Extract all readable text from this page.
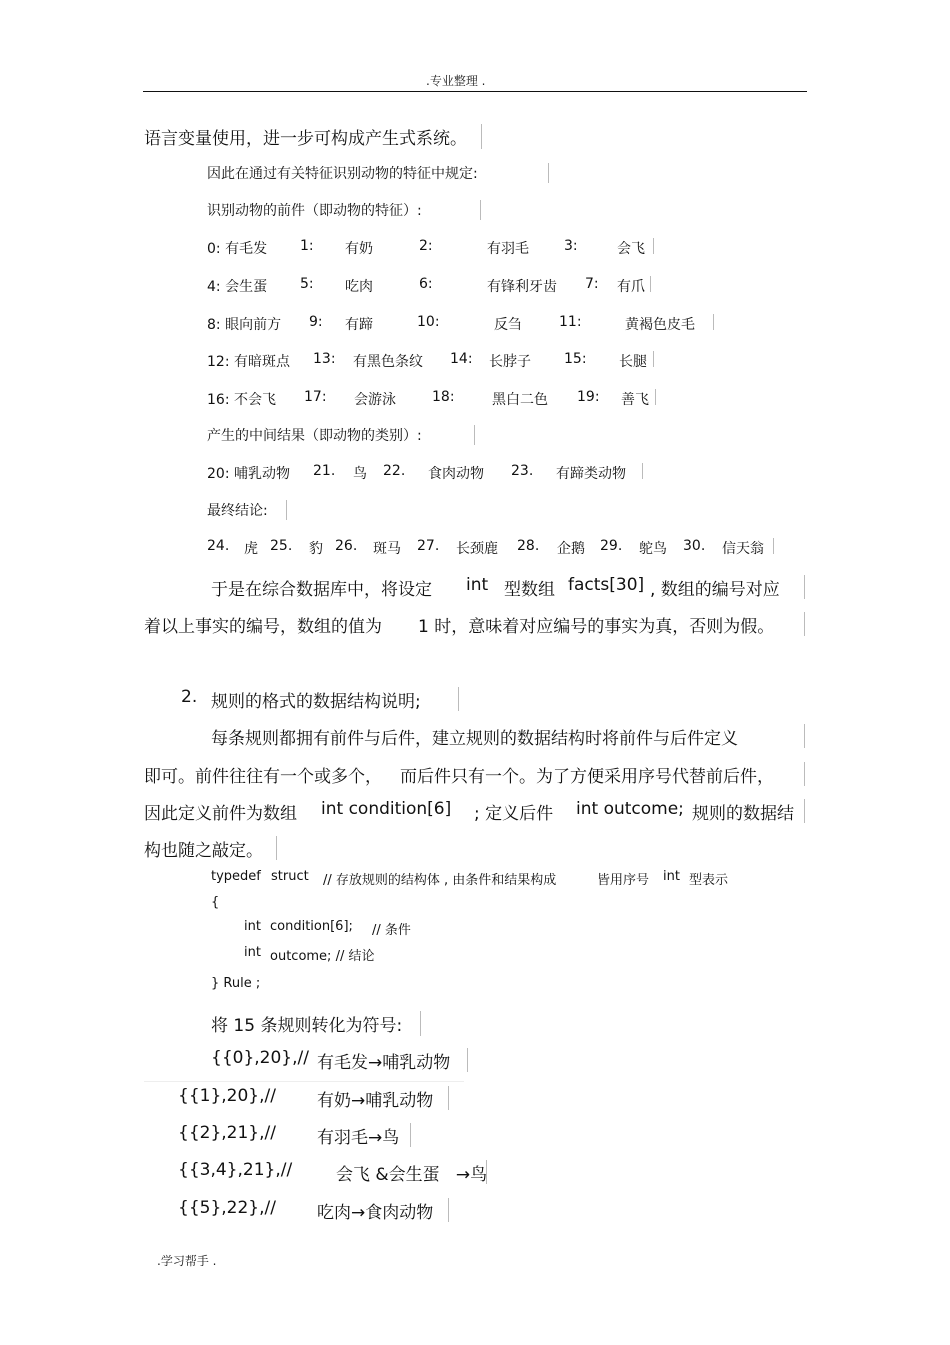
.专业整理 .
语言变量使用，进一步可构成产生式系统。
因此在通过有关特征识别动物的特征中规定:
识别动物的前件（即动物的特征）:
0: 有毛发 1: 有奶	2:	有羽毛	3:	会飞

4: 会生蛋 5: 吃肉	6:	有锋利牙齿 7: 有爪

8: 眼向前方 9: 有蹄	10:	反刍	11:	黄褐色皮毛

12: 有暗斑点 13: 有黑色条纹 14: 长脖子 15: 长腿

16: 不会飞 17: 会游泳	18:	黑白二色 19: 善飞

产生的中间结果（即动物的类别）:
20: 哺乳动物 21. 鸟 22. 食肉动物 23. 有蹄类动物

最终结论:
24. 虎 25. 豹 26. 斑马 27. 长颈鹿 28. 企鹅 29. 鸵鸟 30. 信天翁

于是在综合数据库中，将设定 int 型数组 facts[30] , 数组的编号对应
着以上事实的编号，数组的值为 1 时，意味着对应编号的事实为真，否则为假。
2. 规则的格式的数据结构说明;
每条规则都拥有前件与后件，建立规则的数据结构时将前件与后件定义
即可。前件往往有一个或多个， 而后件只有一个。为了方便采用序号代替前后件，
因此定义前件为数组 int condition[6] ; 定义后件 int outcome; 规则的数据结
构也随之敲定。
typedef struct // 存放规则的结构体 , 由条件和结果构成	皆用序号 int 型表示
{
int condition[6]; // 条件
int outcome; // 结论
} Rule ;
将 15 条规则转化为符号:
{{0},20},// 有毛发→哺乳动物
{{1},20},// 有奶→哺乳动物
{{2},21},// 有羽毛→鸟
{{3,4},21},//	会飞 &会生蛋   →鸟
{{5},22},// 吃肉→食肉动物
.学习帮手 .
